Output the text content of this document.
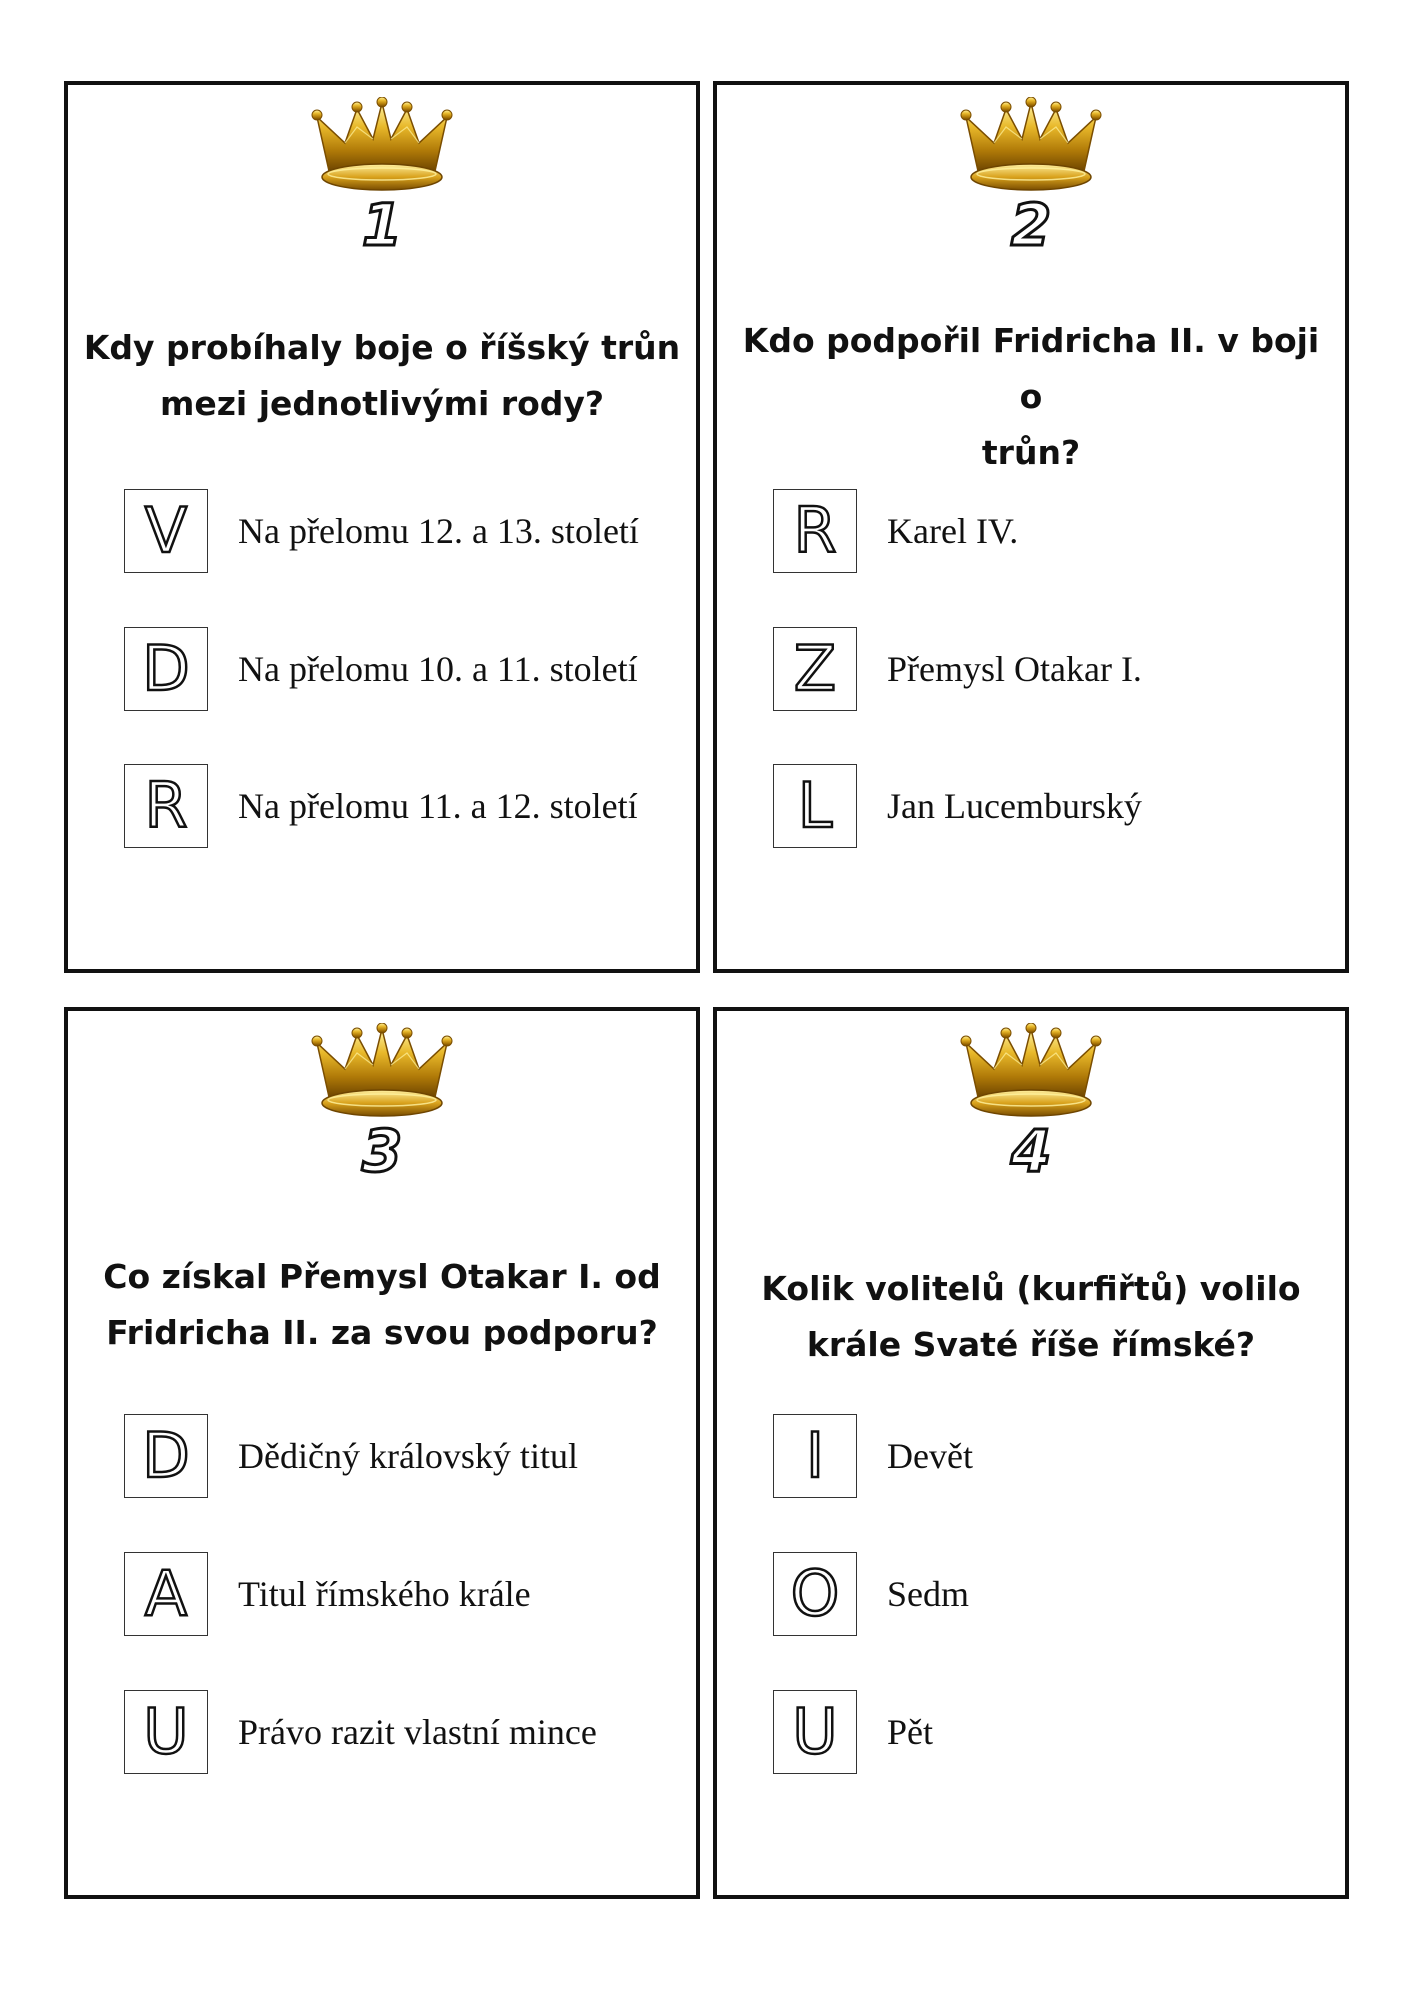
1

Kdy probíhaly boje o říšský trůn
mezi jednotlivými rody?

V	Na přelomu 12. a 13. století
D	Na přelomu 10. a 11. století
R	Na přelomu 11. a 12. století
2

Kdo podpořil Fridricha II. v boji o
trůn?

R	Karel IV.
Z	Přemysl Otakar I.
L	Jan Lucemburský
3

Co získal Přemysl Otakar I. od
Fridricha II. za svou podporu?

D	Dědičný královský titul
A	Titul římského krále
U	Právo razit vlastní mince
4

Kolik volitelů (kurfiřtů) volilo
krále Svaté říše římské?

I	Devět
O	Sedm
U	Pět
